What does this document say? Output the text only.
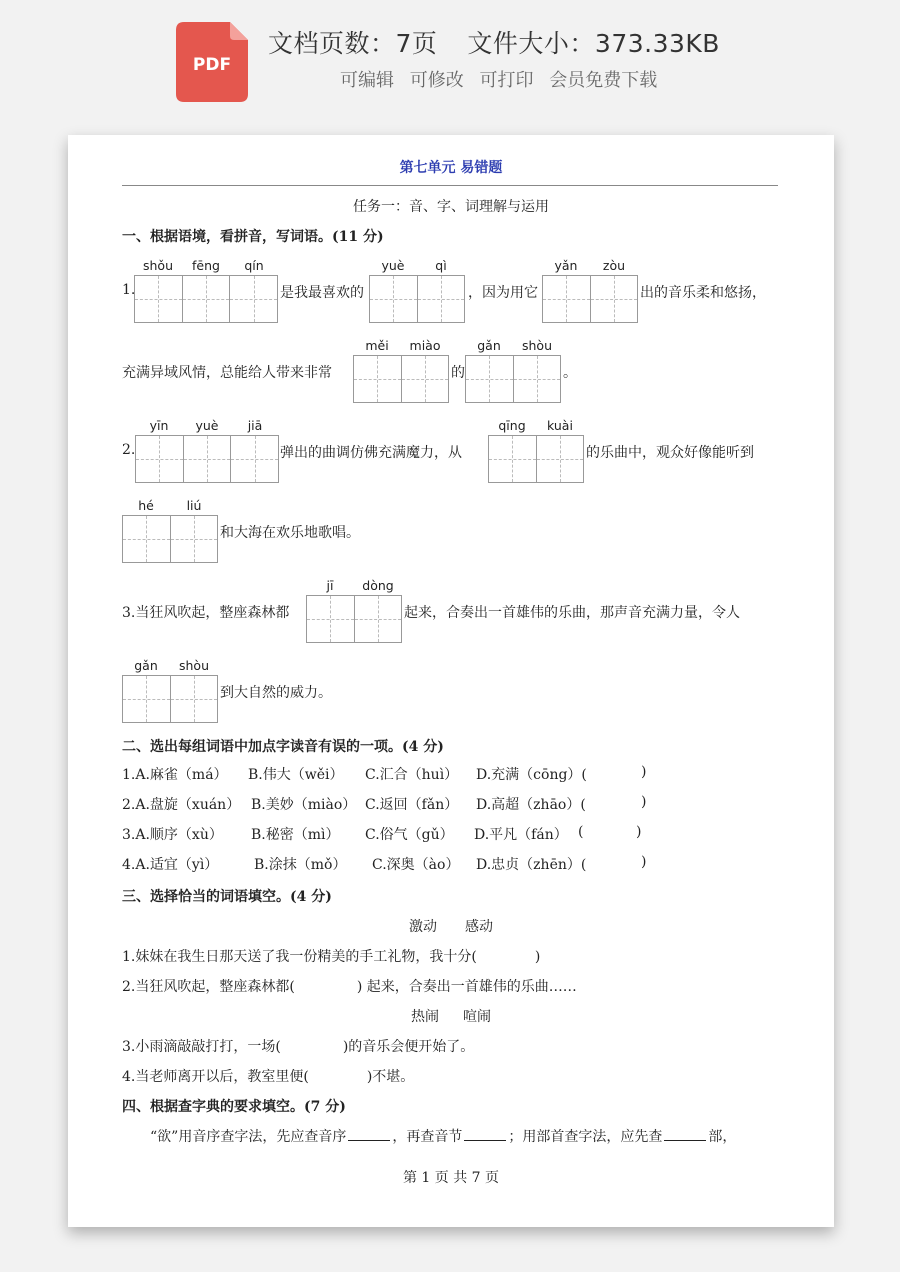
PDF
文档页数：7页 文件大小：373.33KB
可编辑 可修改 可打印 会员免费下载
第七单元 易错题
任务一：音、字、词理解与运用
一、根据语境，看拼音，写词语。(11 分)
shǒu	fēng	qín
1.	是我最喜欢的
yuè	qì
，因为用它
yǎn	zòu
出的音乐柔和悠扬，
充满异域风情，总能给人带来非常
měi	miào
的
gǎn	shòu
。
yīn	yuè	jiā
2.	弹出的曲调仿佛充满魔力，从
qīng	kuài
的乐曲中，观众好像能听到
hé	liú
和大海在欢乐地歌唱。
3.当狂风吹起，整座森林都
jī	dòng
起来，合奏出一首雄伟的乐曲，那声音充满力量，令人
gǎn	shòu
到大自然的威力。
二、选出每组词语中加点字读音有误的一项。(4 分)
1.A.麻雀（má） B.伟大（wěi） C.汇合（huì） D.充满（cōng）(	)
2.A.盘旋（xuán） B.美妙（miào） C.返回（fǎn） D.高超（zhāo）(	)
3.A.顺序（xù） B.秘密（mì） C.俗气（gǔ） D.平凡（fán） (	)
4.A.适宜（yì）	B.涂抹（mǒ） C.深奥（ào） D.忠贞（zhēn）(	)
三、选择恰当的词语填空。(4 分)
激动 感动
1.妹妹在我生日那天送了我一份精美的手工礼物，我十分(	)
2.当狂风吹起，整座森林都(	) 起来，合奏出一首雄伟的乐曲……
热闹 喧闹
3.小雨滴敲敲打打，一场(	)的音乐会便开始了。
4.当老师离开以后，教室里便(	)不堪。
四、根据查字典的要求填空。(7 分)
“欲”用音序查字法，先应查音序	，再查音节	；用部首查字法，应先查	部，
第 1 页 共 7 页
